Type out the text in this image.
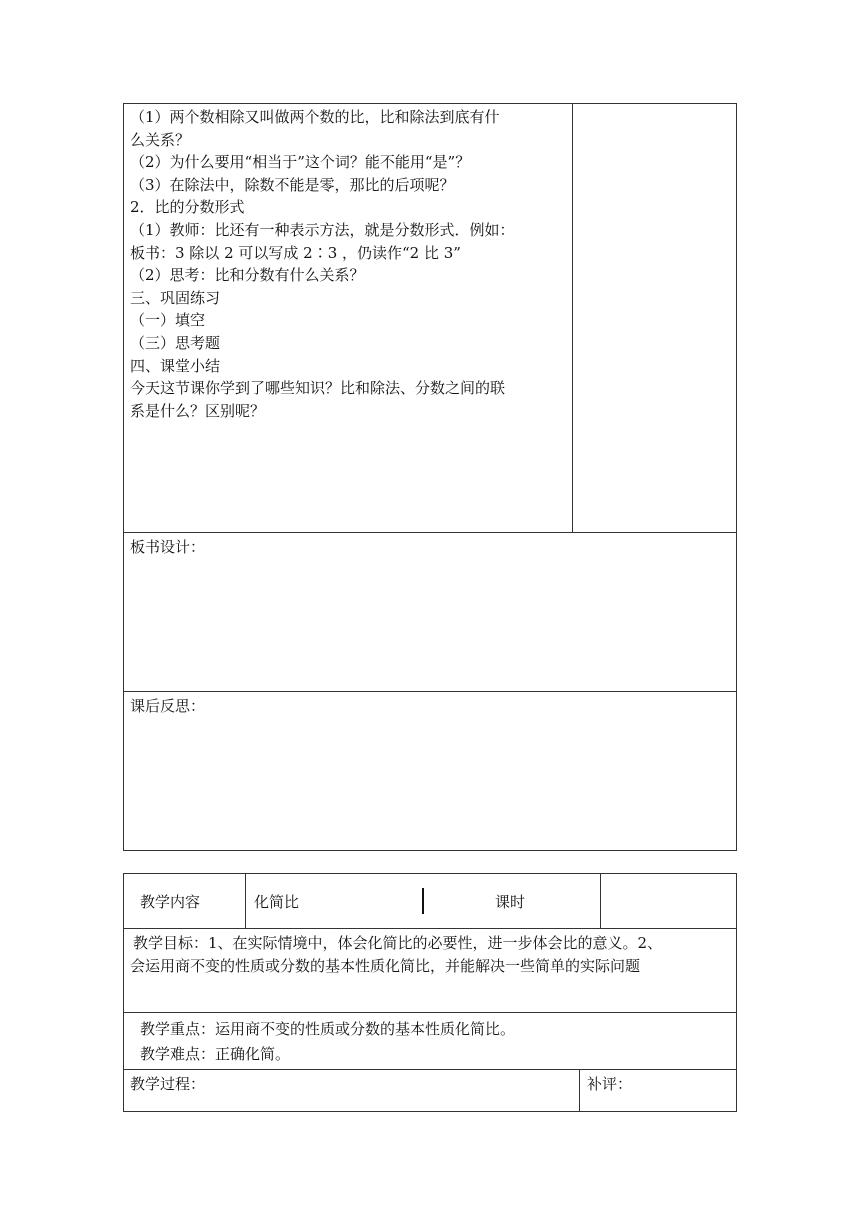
（1）两个数相除又叫做两个数的比，比和除法到底有什
么关系？
（2）为什么要用“相当于”这个词？能不能用“是”？
（3）在除法中，除数不能是零，那比的后项呢？
2．比的分数形式
（1）教师：比还有一种表示方法，就是分数形式．例如：
板书：3 除以 2 可以写成 2∶3 ，仍读作“2 比 3”
（2）思考：比和分数有什么关系？
三、巩固练习
（一）填空
（三）思考题
四、课堂小结
今天这节课你学到了哪些知识？比和除法、分数之间的联
系是什么？区别呢？
板书设计：
课后反思：
教学内容	化简比	课时
教学目标：1、在实际情境中，体会化简比的必要性，进一步体会比的意义。2、
会运用商不变的性质或分数的基本性质化简比，并能解决一些简单的实际问题
教学重点：运用商不变的性质或分数的基本性质化简比。
教学难点：正确化简。
教学过程：	补评：
